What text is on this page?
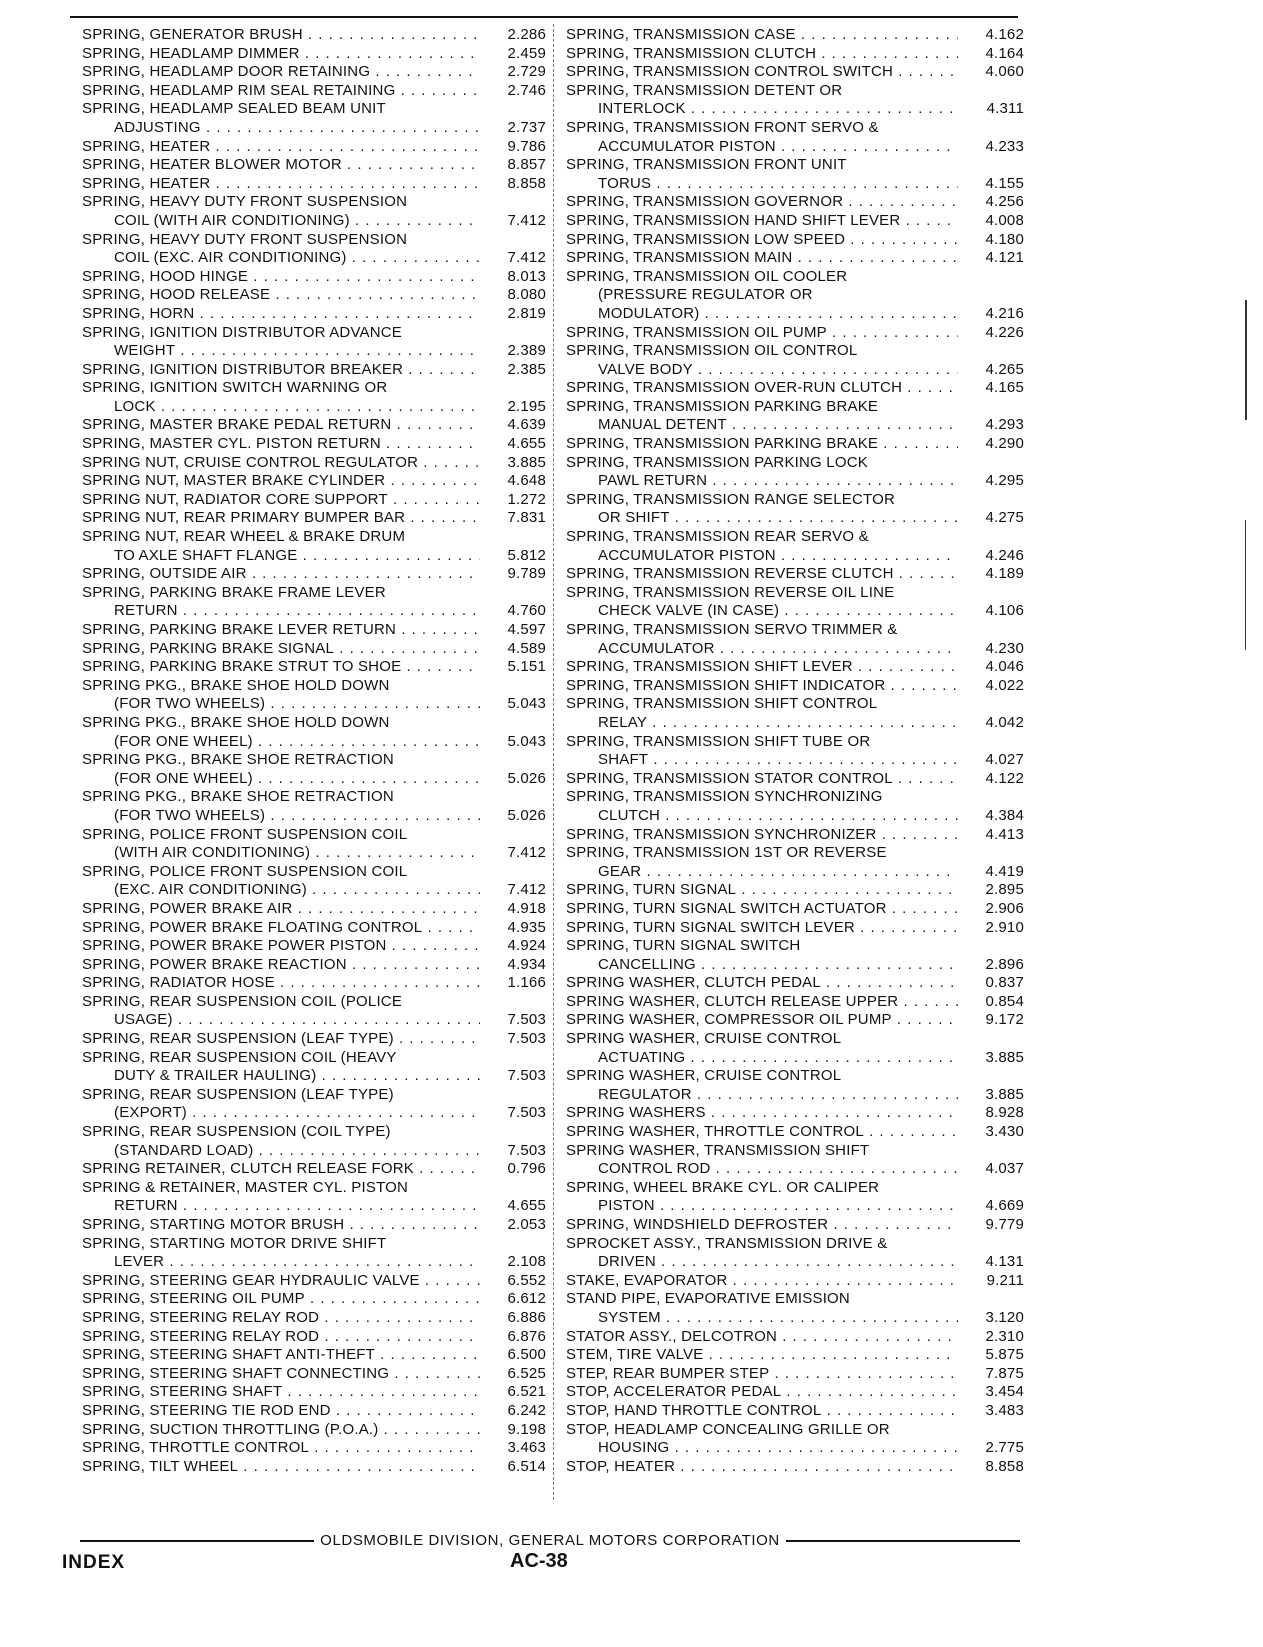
SPRING, GENERATOR BRUSH . . .	2.286
SPRING, HEADLAMP DIMMER . . .	2.459
SPRING, HEADLAMP DOOR RETAINING . . .	2.729
SPRING, HEADLAMP RIM SEAL RETAINING . . .	2.746
SPRING, HEADLAMP SEALED BEAM UNIT
ADJUSTING . . .	2.737
SPRING, HEATER . . .	9.786
SPRING, HEATER BLOWER MOTOR . . .	8.857
SPRING, HEATER . . .	8.858
SPRING, HEAVY DUTY FRONT SUSPENSION
COIL (WITH AIR CONDITIONING) . . .	7.412
SPRING, HEAVY DUTY FRONT SUSPENSION
COIL (EXC. AIR CONDITIONING) . . .	7.412
SPRING, HOOD HINGE . . .	8.013
SPRING, HOOD RELEASE . . .	8.080
SPRING, HORN . . .	2.819
SPRING, IGNITION DISTRIBUTOR ADVANCE
WEIGHT . . .	2.389
SPRING, IGNITION DISTRIBUTOR BREAKER . . .	2.385
SPRING, IGNITION SWITCH WARNING OR
LOCK . . .	2.195
SPRING, MASTER BRAKE PEDAL RETURN . . .	4.639
SPRING, MASTER CYL. PISTON RETURN . . .	4.655
SPRING NUT, CRUISE CONTROL REGULATOR . . .	3.885
SPRING NUT, MASTER BRAKE CYLINDER . . .	4.648
SPRING NUT, RADIATOR CORE SUPPORT . . .	1.272
SPRING NUT, REAR PRIMARY BUMPER BAR . . .	7.831
SPRING NUT, REAR WHEEL & BRAKE DRUM
TO AXLE SHAFT FLANGE . . .	5.812
SPRING, OUTSIDE AIR . . .	9.789
SPRING, PARKING BRAKE FRAME LEVER
RETURN . . .	4.760
SPRING, PARKING BRAKE LEVER RETURN . . .	4.597
SPRING, PARKING BRAKE SIGNAL . . .	4.589
SPRING, PARKING BRAKE STRUT TO SHOE . . .	5.151
SPRING PKG., BRAKE SHOE HOLD DOWN
(FOR TWO WHEELS) . . .	5.043
SPRING PKG., BRAKE SHOE HOLD DOWN
(FOR ONE WHEEL) . . .	5.043
SPRING PKG., BRAKE SHOE RETRACTION
(FOR ONE WHEEL) . . .	5.026
SPRING PKG., BRAKE SHOE RETRACTION
(FOR TWO WHEELS) . . .	5.026
SPRING, POLICE FRONT SUSPENSION COIL
(WITH AIR CONDITIONING) . . .	7.412
SPRING, POLICE FRONT SUSPENSION COIL
(EXC. AIR CONDITIONING) . . .	7.412
SPRING, POWER BRAKE AIR . . .	4.918
SPRING, POWER BRAKE FLOATING CONTROL . . .	4.935
SPRING, POWER BRAKE POWER PISTON . . .	4.924
SPRING, POWER BRAKE REACTION . . .	4.934
SPRING, RADIATOR HOSE . . .	1.166
SPRING, REAR SUSPENSION COIL (POLICE
USAGE) . . .	7.503
SPRING, REAR SUSPENSION (LEAF TYPE) . . .	7.503
SPRING, REAR SUSPENSION COIL (HEAVY
DUTY & TRAILER HAULING) . . .	7.503
SPRING, REAR SUSPENSION (LEAF TYPE)
(EXPORT) . . .	7.503
SPRING, REAR SUSPENSION (COIL TYPE)
(STANDARD LOAD) . . .	7.503
SPRING RETAINER, CLUTCH RELEASE FORK . . .	0.796
SPRING & RETAINER, MASTER CYL. PISTON
RETURN . . .	4.655
SPRING, STARTING MOTOR BRUSH . . .	2.053
SPRING, STARTING MOTOR DRIVE SHIFT
LEVER . . .	2.108
SPRING, STEERING GEAR HYDRAULIC VALVE . . .	6.552
SPRING, STEERING OIL PUMP . . .	6.612
SPRING, STEERING RELAY ROD . . .	6.886
SPRING, STEERING RELAY ROD . . .	6.876
SPRING, STEERING SHAFT ANTI-THEFT . . .	6.500
SPRING, STEERING SHAFT CONNECTING . . .	6.525
SPRING, STEERING SHAFT . . .	6.521
SPRING, STEERING TIE ROD END . . .	6.242
SPRING, SUCTION THROTTLING (P.O.A.) . . .	9.198
SPRING, THROTTLE CONTROL . . .	3.463
SPRING, TILT WHEEL . . .	6.514
SPRING, TRANSMISSION CASE . . .	4.162
SPRING, TRANSMISSION CLUTCH . . .	4.164
SPRING, TRANSMISSION CONTROL SWITCH . . .	4.060
SPRING, TRANSMISSION DETENT OR
INTERLOCK . . .	4.311
SPRING, TRANSMISSION FRONT SERVO &
ACCUMULATOR PISTON . . .	4.233
SPRING, TRANSMISSION FRONT UNIT
TORUS . . .	4.155
SPRING, TRANSMISSION GOVERNOR . . .	4.256
SPRING, TRANSMISSION HAND SHIFT LEVER . . .	4.008
SPRING, TRANSMISSION LOW SPEED . . .	4.180
SPRING, TRANSMISSION MAIN . . .	4.121
SPRING, TRANSMISSION OIL COOLER
(PRESSURE REGULATOR OR
MODULATOR) . . .	4.216
SPRING, TRANSMISSION OIL PUMP . . .	4.226
SPRING, TRANSMISSION OIL CONTROL
VALVE BODY . . .	4.265
SPRING, TRANSMISSION OVER-RUN CLUTCH . . .	4.165
SPRING, TRANSMISSION PARKING BRAKE
MANUAL DETENT . . .	4.293
SPRING, TRANSMISSION PARKING BRAKE . . .	4.290
SPRING, TRANSMISSION PARKING LOCK
PAWL RETURN . . .	4.295
SPRING, TRANSMISSION RANGE SELECTOR
OR SHIFT . . .	4.275
SPRING, TRANSMISSION REAR SERVO &
ACCUMULATOR PISTON . . .	4.246
SPRING, TRANSMISSION REVERSE CLUTCH . . .	4.189
SPRING, TRANSMISSION REVERSE OIL LINE
CHECK VALVE (IN CASE) . . .	4.106
SPRING, TRANSMISSION SERVO TRIMMER &
ACCUMULATOR . . .	4.230
SPRING, TRANSMISSION SHIFT LEVER . . .	4.046
SPRING, TRANSMISSION SHIFT INDICATOR . . .	4.022
SPRING, TRANSMISSION SHIFT CONTROL
RELAY . . .	4.042
SPRING, TRANSMISSION SHIFT TUBE OR
SHAFT . . .	4.027
SPRING, TRANSMISSION STATOR CONTROL . . .	4.122
SPRING, TRANSMISSION SYNCHRONIZING
CLUTCH . . .	4.384
SPRING, TRANSMISSION SYNCHRONIZER . . .	4.413
SPRING, TRANSMISSION 1ST OR REVERSE
GEAR . . .	4.419
SPRING, TURN SIGNAL . . .	2.895
SPRING, TURN SIGNAL SWITCH ACTUATOR . . .	2.906
SPRING, TURN SIGNAL SWITCH LEVER . . .	2.910
SPRING, TURN SIGNAL SWITCH
CANCELLING . . .	2.896
SPRING WASHER, CLUTCH PEDAL . . .	0.837
SPRING WASHER, CLUTCH RELEASE UPPER . . .	0.854
SPRING WASHER, COMPRESSOR OIL PUMP . . .	9.172
SPRING WASHER, CRUISE CONTROL
ACTUATING . . .	3.885
SPRING WASHER, CRUISE CONTROL
REGULATOR . . .	3.885
SPRING WASHERS . . .	8.928
SPRING WASHER, THROTTLE CONTROL . . .	3.430
SPRING WASHER, TRANSMISSION SHIFT
CONTROL ROD . . .	4.037
SPRING, WHEEL BRAKE CYL. OR CALIPER
PISTON . . .	4.669
SPRING, WINDSHIELD DEFROSTER . . .	9.779
SPROCKET ASSY., TRANSMISSION DRIVE &
DRIVEN . . .	4.131
STAKE, EVAPORATOR . . .	9.211
STAND PIPE, EVAPORATIVE EMISSION
SYSTEM . . .	3.120
STATOR ASSY., DELCOTRON . . .	2.310
STEM, TIRE VALVE . . .	5.875
STEP, REAR BUMPER STEP . . .	7.875
STOP, ACCELERATOR PEDAL . . .	3.454
STOP, HAND THROTTLE CONTROL . . .	3.483
STOP, HEADLAMP CONCEALING GRILLE OR
HOUSING . . .	2.775
STOP, HEATER . . .	8.858
OLDSMOBILE DIVISION, GENERAL MOTORS CORPORATION
INDEX	AC-38
